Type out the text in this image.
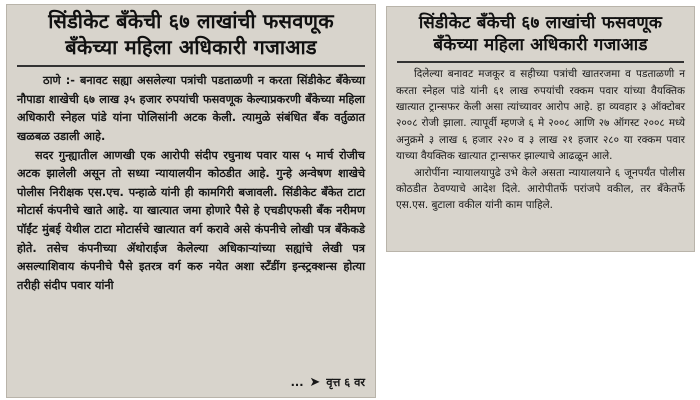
सिंडीकेट बँकेची ६७ लाखांची फसवणूक
बँकेच्या महिला अधिकारी गजाआड

ठाणे :- बनावट सह्या असलेल्या पत्रांची पडताळणी न करता सिंडीकेट बँकेच्या नौपाडा शाखेची ६७ लाख ३५ हजार रुपयांची फसवणूक केल्याप्रकरणी बँकेच्या महिला अधिकारी स्नेहल पांडे यांना पोलिसांनी अटक केली. त्यामुळे संबंधित बँक वर्तुळात खळबळ उडाली आहे.

सदर गुन्ह्यातील आणखी एक आरोपी संदीप रघुनाथ पवार यास ५ मार्च रोजीच अटक झालेली असून तो सध्या न्यायालयीन कोठडीत आहे. गुन्हे अन्वेषण शाखेचे पोलीस निरीक्षक एस.एच. पन्हाळे यांनी ही कामगिरी बजावली. सिंडीकेट बँकेत टाटा मोटार्स कंपनीचे खाते आहे. या खात्यात जमा होणारे पैसे हे एचडीएफसी बँक नरीमण पॉईंट मुंबई येथील टाटा मोटार्सचे खात्यात वर्ग करावे असे कंपनीचे लोखी पत्र बँकेकडे होते. तसेच कंपनीच्या ॲथोराईज केलेल्या अधिकाऱ्यांच्या सह्यांचे लेखी पत्र असल्याशिवाय कंपनीचे पैसे इतरत्र वर्ग करु नयेत अशा स्टँडींग इन्स्ट्रक्शन्स होत्या तरीही संदीप पवार यांनी

... ➤ वृत्त ६ वर
सिंडीकेट बँकेची ६७ लाखांची फसवणूक
बँकेच्या महिला अधिकारी गजाआड

दिलेल्या बनावट मजकूर व सहीच्या पत्रांची खातरजमा व पडताळणी न करता स्नेहल पांडे यांनी ६१ लाख रुपयांची रक्कम पवार यांच्या वैयक्तिक खात्यात ट्रान्सफर केली असा त्यांच्यावर आरोप आहे. हा व्यवहार ३ ऑक्टोबर २००८ रोजी झाला. त्यापूर्वी म्हणजे ६ मे २००८ आणि २७ ऑगस्ट २००८ मध्ये अनुक्रमे ३ लाख ६ हजार २२० व ३ लाख २१ हजार २८० या रक्कम पवार याच्या वैयक्तिक खात्यात ट्रान्सफर झाल्याचे आढळून आले.

आरोपींना न्यायालयापुढे उभे केले असता न्यायालयाने ६ जूनपर्यंत पोलीस कोठडीत ठेवण्याचे आदेश दिले. आरोपीतर्फे परांजपे वकील, तर बँकेतर्फे एस.एस. बुटाला वकील यांनी काम पाहिले.
